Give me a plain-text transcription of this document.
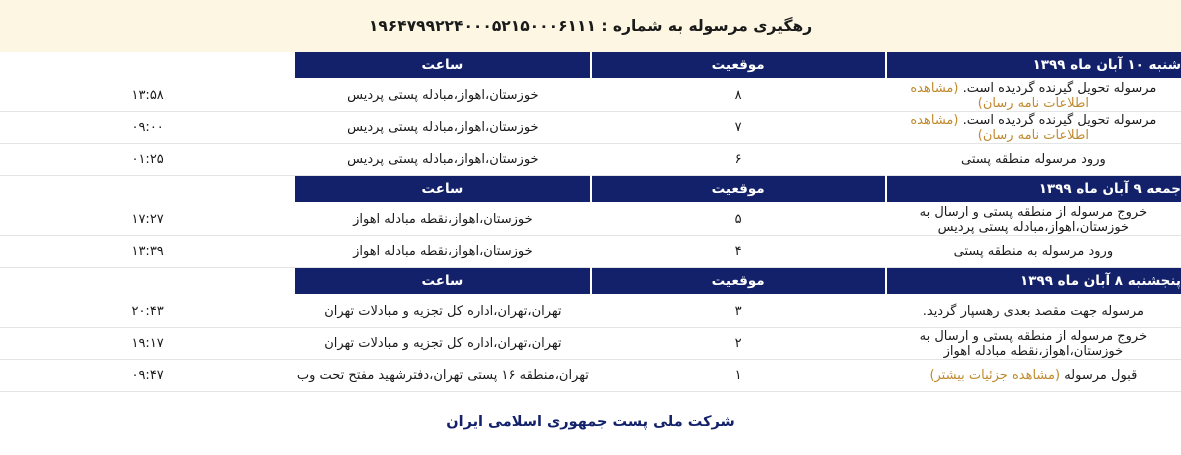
رهگیری مرسوله به شماره : ۱۹۶۴۷۹۹۲۲۴۰۰۰۵۲۱۵۰۰۰۶۱۱۱
شنبه ۱۰ آبان ماه ۱۳۹۹	موقعیت	ساعت	
مرسوله تحویل گیرنده گردیده است. (مشاهده اطلاعات نامه رسان)	۸	خوزستان،اهواز،مبادله پستی پردیس	۱۳:۵۸
مرسوله تحویل گیرنده گردیده است. (مشاهده اطلاعات نامه رسان)	۷	خوزستان،اهواز،مبادله پستی پردیس	۰۹:۰۰
ورود مرسوله منطقه پستی	۶	خوزستان،اهواز،مبادله پستی پردیس	۰۱:۲۵
جمعه ۹ آبان ماه ۱۳۹۹	موقعیت	ساعت	
خروج مرسوله از منطقه پستی و ارسال به خوزستان،اهواز،مبادله پستی پردیس	۵	خوزستان،اهواز،نقطه مبادله اهواز	۱۷:۲۷
ورود مرسوله به منطقه پستی	۴	خوزستان،اهواز،نقطه مبادله اهواز	۱۳:۳۹
پنجشنبه ۸ آبان ماه ۱۳۹۹	موقعیت	ساعت	
مرسوله جهت مقصد بعدی رهسپار گردید.	۳	تهران،تهران،اداره کل تجزیه و مبادلات تهران	۲۰:۴۳
خروج مرسوله از منطقه پستی و ارسال به خوزستان،اهواز،نقطه مبادله اهواز	۲	تهران،تهران،اداره کل تجزیه و مبادلات تهران	۱۹:۱۷
قبول مرسوله (مشاهده جزئیات بیشتر)	۱	تهران،منطقه ۱۶ پستی تهران،دفترشهید مفتح تحت وب	۰۹:۴۷
شرکت ملی پست جمهوری اسلامی ایران
